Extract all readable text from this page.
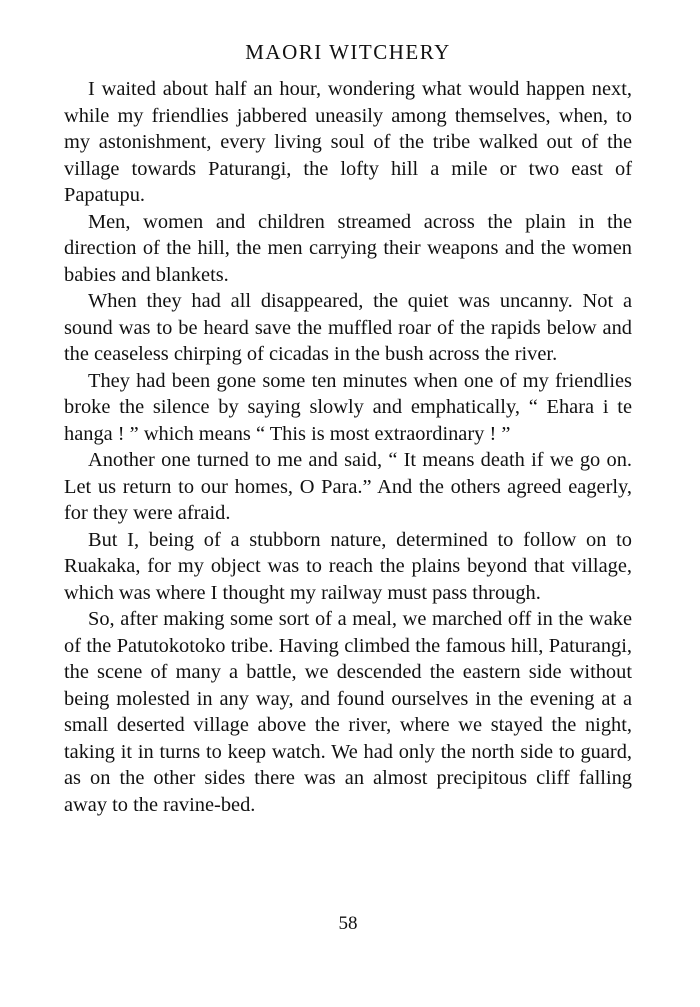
MAORI WITCHERY

I waited about half an hour, wondering what would happen next, while my friendlies jabbered uneasily among themselves, when, to my astonishment, every living soul of the tribe walked out of the village towards Paturangi, the lofty hill a mile or two east of Papatupu.

Men, women and children streamed across the plain in the direction of the hill, the men carrying their weapons and the women babies and blankets.

When they had all disappeared, the quiet was uncanny. Not a sound was to be heard save the muffled roar of the rapids below and the ceaseless chirping of cicadas in the bush across the river.

They had been gone some ten minutes when one of my friendlies broke the silence by saying slowly and emphatically, “ Ehara i te hanga ! ” which means “ This is most extraordinary ! ”

Another one turned to me and said, “ It means death if we go on. Let us return to our homes, O Para.” And the others agreed eagerly, for they were afraid.

But I, being of a stubborn nature, determined to follow on to Ruakaka, for my object was to reach the plains beyond that village, which was where I thought my railway must pass through.

So, after making some sort of a meal, we marched off in the wake of the Patutokotoko tribe. Having climbed the famous hill, Paturangi, the scene of many a battle, we descended the eastern side without being molested in any way, and found ourselves in the evening at a small deserted village above the river, where we stayed the night, taking it in turns to keep watch. We had only the north side to guard, as on the other sides there was an almost precipitous cliff falling away to the ravine-bed.

58
